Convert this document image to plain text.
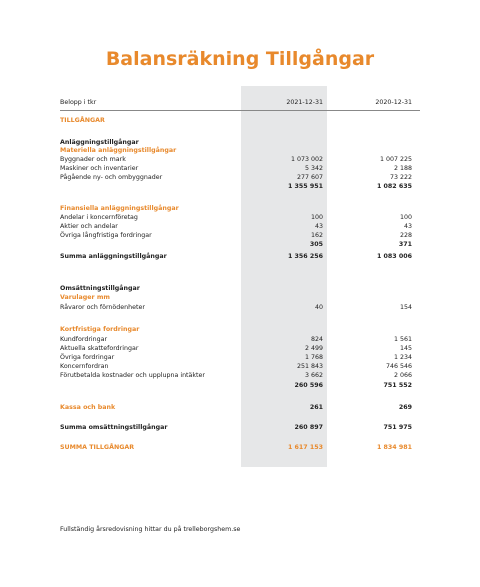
Balansräkning Tillgångar
Belopp i tkr	2021-12-31	2020-12-31
TILLGÅNGAR
Anläggningstillgångar
Materiella anläggningstillgångar
Byggnader och mark	1 073 002	1 007 225
Maskiner och inventarier	5 342	2 188
Pågående ny- och ombyggnader	277 607	73 222
1 355 951	1 082 635
Finansiella anläggningstillgångar
Andelar i koncernföretag	100	100
Aktier och andelar	43	43
Övriga långfristiga fordringar	162	228
305	371
Summa anläggningstillgångar	1 356 256	1 083 006
Omsättningstillgångar
Varulager mm
Råvaror och förnödenheter	40	154
Kortfristiga fordringar
Kundfordringar	824	1 561
Aktuella skattefordringar	2 499	145
Övriga fordringar	1 768	1 234
Koncernfordran	251 843	746 546
Förutbetalda kostnader och upplupna intäkter	3 662	2 066
260 596	751 552
Kassa och bank	261	269
Summa omsättningstillgångar	260 897	751 975
SUMMA TILLGÅNGAR	1 617 153	1 834 981
Fullständig årsredovisning hittar du på trelleborgshem.se
